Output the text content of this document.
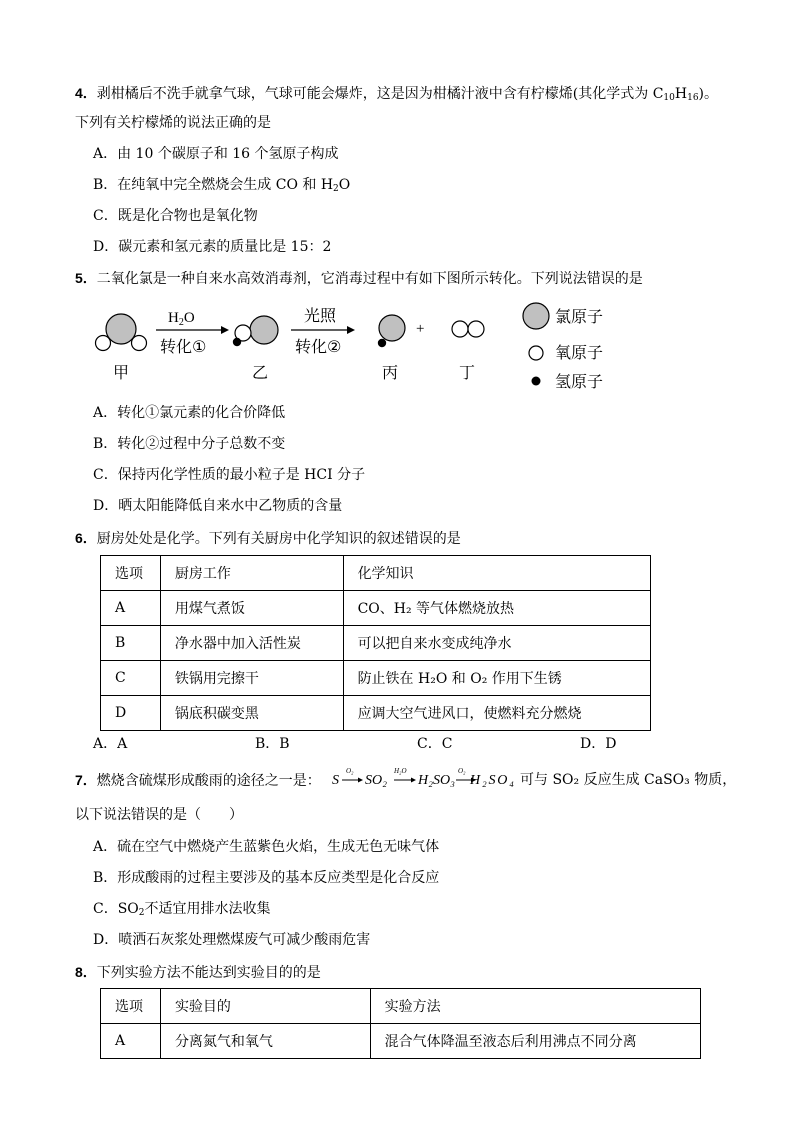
4．剥柑橘后不洗手就拿气球，气球可能会爆炸，这是因为柑橘汁液中含有柠檬烯(其化学式为 $C_{10}H_{16}$)。
下列有关柠檬烯的说法正确的是
A．由 10 个碳原子和 16 个氢原子构成
B．在纯氧中完全燃烧会生成 CO 和 $H_2O$
C．既是化合物也是氧化物
D．碳元素和氢元素的质量比是 15：2
5．二氧化氯是一种自来水高效消毒剂，它消毒过程中有如下图所示转化。下列说法错误的是
$H_2O$
转化①
光照
转化②
+
甲	乙	丙	丁
氯原子
氧原子
氢原子
A．转化①氯元素的化合价降低
B．转化②过程中分子总数不变
C．保持丙化学性质的最小粒子是 HCI 分子
D．晒太阳能降低自来水中乙物质的含量
6．厨房处处是化学。下列有关厨房中化学知识的叙述错误的是
选项	厨房工作	化学知识
A	用煤气煮饭	CO、H₂ 等气体燃烧放热
B	净水器中加入活性炭	可以把自来水变成纯净水
C	铁锅用完擦干	防止铁在 H₂O 和 O₂ 作用下生锈
D	锅底积碳变黑	应调大空气进风口，使燃料充分燃烧
A．A	B．B	C．C	D．D
7．燃烧含硫煤形成酸雨的途径之一是： S
O₂
SO₂
H₂O
H₂SO₃
O₂
H₂SO₄ 可与 SO₂ 反应生成 CaSO₃ 物质，
以下说法错误的是（　　）
A．硫在空气中燃烧产生蓝紫色火焰，生成无色无味气体
B．形成酸雨的过程主要涉及的基本反应类型是化合反应
C．$SO_2$不适宜用排水法收集
D．喷洒石灰浆处理燃煤废气可减少酸雨危害
8．下列实验方法不能达到实验目的的是
选项	实验目的	实验方法
A	分离氮气和氧气	混合气体降温至液态后利用沸点不同分离
